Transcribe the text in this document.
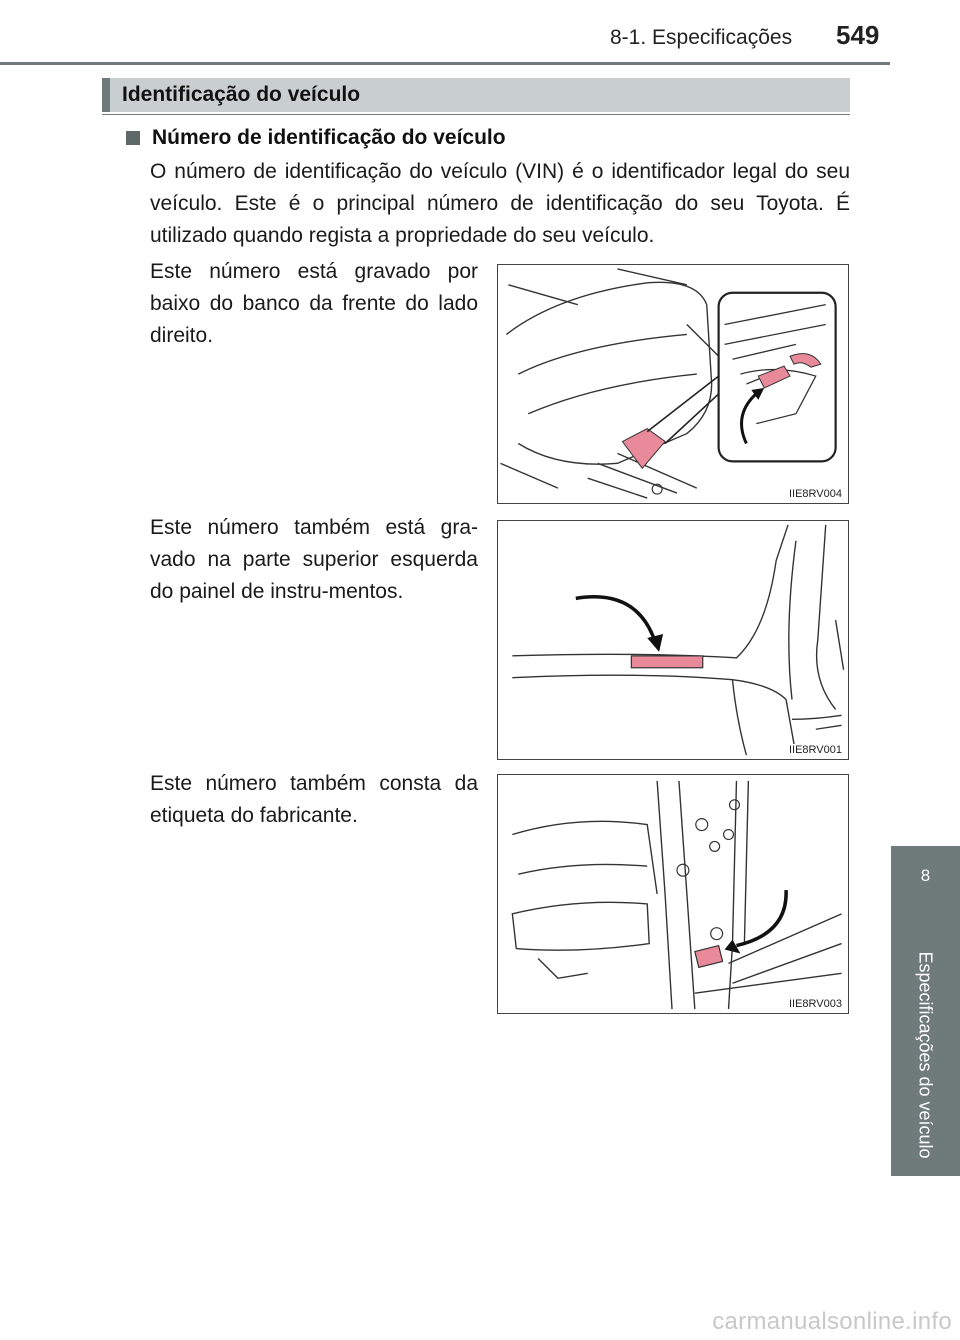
8-1. Especificações 549
Identificação do veículo
Número de identificação do veículo
O número de identificação do veículo (VIN) é o identificador legal do seu veículo. Este é o principal número de identificação do seu Toyota. É utilizado quando regista a propriedade do seu veículo.
Este número está gravado por baixo do banco da frente do lado direito.
IIE8RV004
Este número também está gra-vado na parte superior esquerda do painel de instru-mentos.
IIE8RV001
Este número também consta da etiqueta do fabricante.
IIE8RV003
8
Especificações do veículo
carmanualsonline.info
